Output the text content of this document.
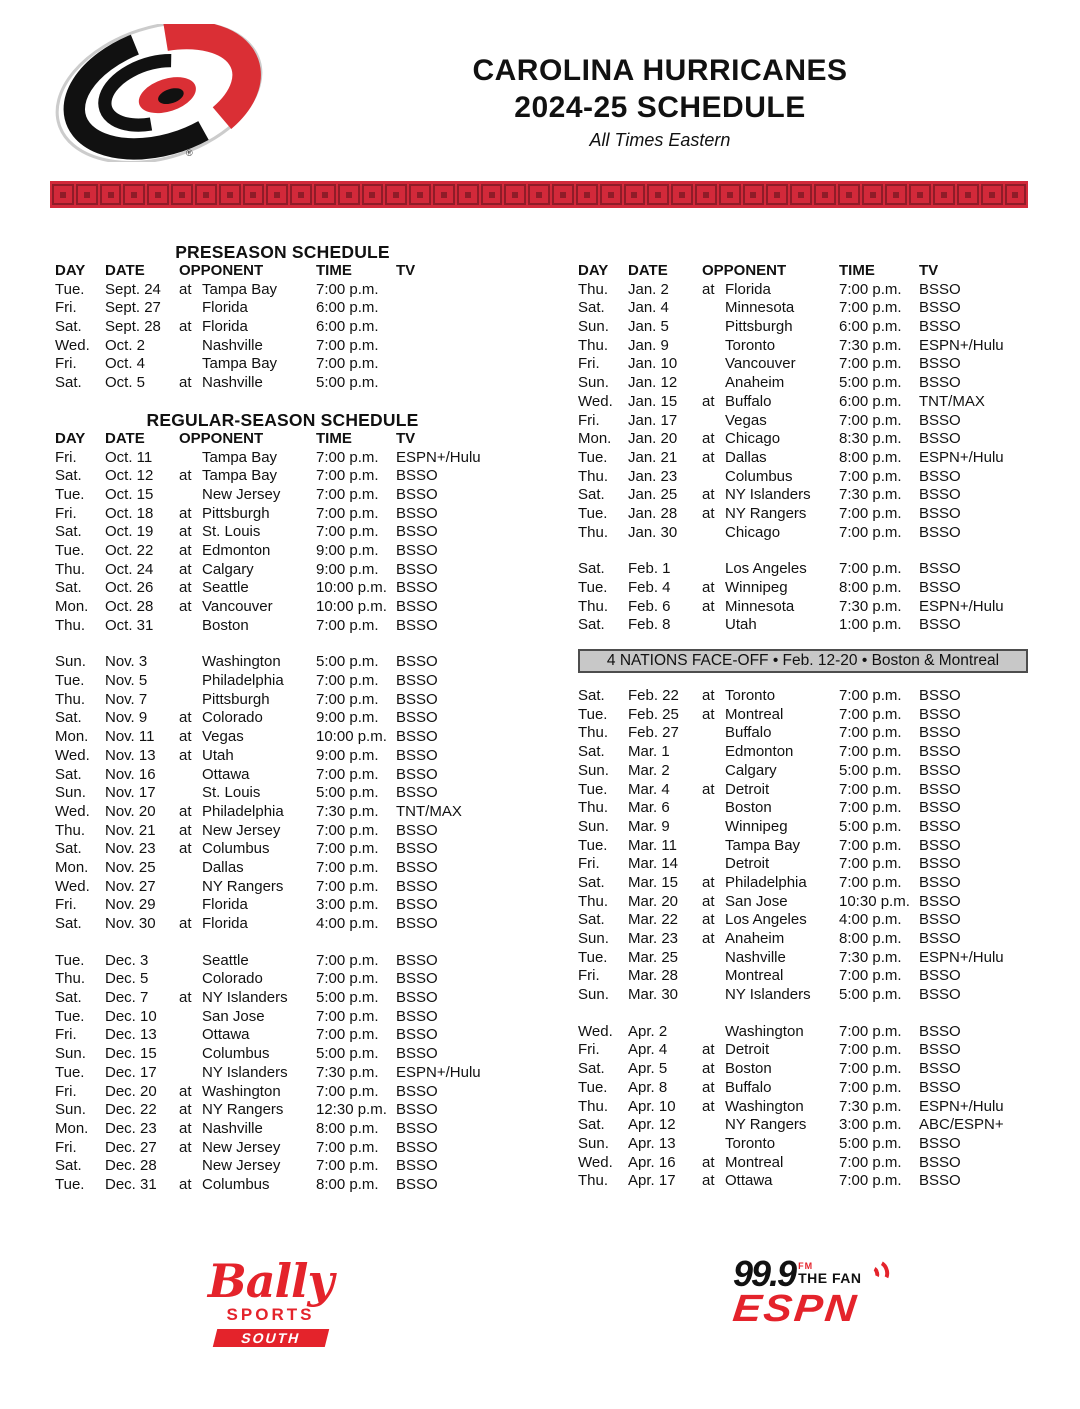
®
CAROLINA HURRICANES
2024-25 SCHEDULE
All Times Eastern
PRESEASON SCHEDULE
DAY	DATE	OPPONENT	TIME	TV
Tue.	Sept. 24	at Tampa Bay	7:00 p.m.
Fri.	Sept. 27	Florida	6:00 p.m.
Sat.	Sept. 28	at Florida	6:00 p.m.
Wed.	Oct. 2	Nashville	7:00 p.m.
Fri.	Oct. 4	Tampa Bay	7:00 p.m.
Sat.	Oct. 5	at Nashville	5:00 p.m.
REGULAR-SEASON SCHEDULE
DAY	DATE	OPPONENT	TIME	TV
Fri.	Oct. 11	Tampa Bay	7:00 p.m.	ESPN+/Hulu
Sat.	Oct. 12	at Tampa Bay	7:00 p.m.	BSSO
Tue.	Oct. 15	New Jersey	7:00 p.m.	BSSO
Fri.	Oct. 18	at Pittsburgh	7:00 p.m.	BSSO
Sat.	Oct. 19	at St. Louis	7:00 p.m.	BSSO
Tue.	Oct. 22	at Edmonton	9:00 p.m.	BSSO
Thu.	Oct. 24	at Calgary	9:00 p.m.	BSSO
Sat.	Oct. 26	at Seattle	10:00 p.m. BSSO
Mon.	Oct. 28	at Vancouver	10:00 p.m. BSSO
Thu.	Oct. 31	Boston	7:00 p.m.	BSSO
Sun.	Nov. 3	Washington	5:00 p.m.	BSSO
Tue.	Nov. 5	Philadelphia	7:00 p.m.	BSSO
Thu.	Nov. 7	Pittsburgh	7:00 p.m.	BSSO
Sat.	Nov. 9	at Colorado	9:00 p.m.	BSSO
Mon.	Nov. 11	at Vegas	10:00 p.m. BSSO
Wed.	Nov. 13	at Utah	9:00 p.m.	BSSO
Sat.	Nov. 16	Ottawa	7:00 p.m.	BSSO
Sun.	Nov. 17	St. Louis	5:00 p.m.	BSSO
Wed.	Nov. 20	at Philadelphia	7:30 p.m.	TNT/MAX
Thu.	Nov. 21	at New Jersey	7:00 p.m.	BSSO
Sat.	Nov. 23	at Columbus	7:00 p.m.	BSSO
Mon.	Nov. 25	Dallas	7:00 p.m.	BSSO
Wed.	Nov. 27	NY Rangers	7:00 p.m.	BSSO
Fri.	Nov. 29	Florida	3:00 p.m.	BSSO
Sat.	Nov. 30	at Florida	4:00 p.m.	BSSO
Tue.	Dec. 3	Seattle	7:00 p.m.	BSSO
Thu.	Dec. 5	Colorado	7:00 p.m.	BSSO
Sat.	Dec. 7	at NY Islanders	5:00 p.m.	BSSO
Tue.	Dec. 10	San Jose	7:00 p.m.	BSSO
Fri.	Dec. 13	Ottawa	7:00 p.m.	BSSO
Sun.	Dec. 15	Columbus	5:00 p.m.	BSSO
Tue.	Dec. 17	NY Islanders	7:30 p.m.	ESPN+/Hulu
Fri.	Dec. 20	at Washington	7:00 p.m.	BSSO
Sun.	Dec. 22	at NY Rangers	12:30 p.m. BSSO
Mon.	Dec. 23	at Nashville	8:00 p.m.	BSSO
Fri.	Dec. 27	at New Jersey	7:00 p.m.	BSSO
Sat.	Dec. 28	New Jersey	7:00 p.m.	BSSO
Tue.	Dec. 31	at Columbus	8:00 p.m.	BSSO
DAY	DATE	OPPONENT	TIME	TV
Thu.	Jan. 2	at Florida	7:00 p.m.	BSSO
Sat.	Jan. 4	Minnesota	7:00 p.m.	BSSO
Sun.	Jan. 5	Pittsburgh	6:00 p.m.	BSSO
Thu.	Jan. 9	Toronto	7:30 p.m.	ESPN+/Hulu
Fri.	Jan. 10	Vancouver	7:00 p.m.	BSSO
Sun.	Jan. 12	Anaheim	5:00 p.m.	BSSO
Wed.	Jan. 15	at Buffalo	6:00 p.m.	TNT/MAX
Fri.	Jan. 17	Vegas	7:00 p.m.	BSSO
Mon.	Jan. 20	at Chicago	8:30 p.m.	BSSO
Tue.	Jan. 21	at Dallas	8:00 p.m.	ESPN+/Hulu
Thu.	Jan. 23	Columbus	7:00 p.m.	BSSO
Sat.	Jan. 25	at NY Islanders	7:30 p.m.	BSSO
Tue.	Jan. 28	at NY Rangers	7:00 p.m.	BSSO
Thu.	Jan. 30	Chicago	7:00 p.m.	BSSO
Sat.	Feb. 1	Los Angeles	7:00 p.m.	BSSO
Tue.	Feb. 4	at Winnipeg	8:00 p.m.	BSSO
Thu.	Feb. 6	at Minnesota	7:30 p.m.	ESPN+/Hulu
Sat.	Feb. 8	Utah	1:00 p.m.	BSSO
4 NATIONS FACE-OFF • Feb. 12-20 • Boston & Montreal
Sat.	Feb. 22	at Toronto	7:00 p.m.	BSSO
Tue.	Feb. 25	at Montreal	7:00 p.m.	BSSO
Thu.	Feb. 27	Buffalo	7:00 p.m.	BSSO
Sat.	Mar. 1	Edmonton	7:00 p.m.	BSSO
Sun.	Mar. 2	Calgary	5:00 p.m.	BSSO
Tue.	Mar. 4	at Detroit	7:00 p.m.	BSSO
Thu.	Mar. 6	Boston	7:00 p.m.	BSSO
Sun.	Mar. 9	Winnipeg	5:00 p.m.	BSSO
Tue.	Mar. 11	Tampa Bay	7:00 p.m.	BSSO
Fri.	Mar. 14	Detroit	7:00 p.m.	BSSO
Sat.	Mar. 15	at Philadelphia	7:00 p.m.	BSSO
Thu.	Mar. 20	at San Jose	10:30 p.m. BSSO
Sat.	Mar. 22	at Los Angeles	4:00 p.m.	BSSO
Sun.	Mar. 23	at Anaheim	8:00 p.m.	BSSO
Tue.	Mar. 25	Nashville	7:30 p.m.	ESPN+/Hulu
Fri.	Mar. 28	Montreal	7:00 p.m.	BSSO
Sun.	Mar. 30	NY Islanders	5:00 p.m.	BSSO
Wed.	Apr. 2	Washington	7:00 p.m.	BSSO
Fri.	Apr. 4	at Detroit	7:00 p.m.	BSSO
Sat.	Apr. 5	at Boston	7:00 p.m.	BSSO
Tue.	Apr. 8	at Buffalo	7:00 p.m.	BSSO
Thu.	Apr. 10	at Washington	7:30 p.m.	ESPN+/Hulu
Sat.	Apr. 12	NY Rangers	3:00 p.m.	ABC/ESPN+
Sun.	Apr. 13	Toronto	5:00 p.m.	BSSO
Wed.	Apr. 16	at Montreal	7:00 p.m.	BSSO
Thu.	Apr. 17	at Ottawa	7:00 p.m.	BSSO
Bally
SPORTS
SOUTH
99.9 FM
THE FAN
ESPN
